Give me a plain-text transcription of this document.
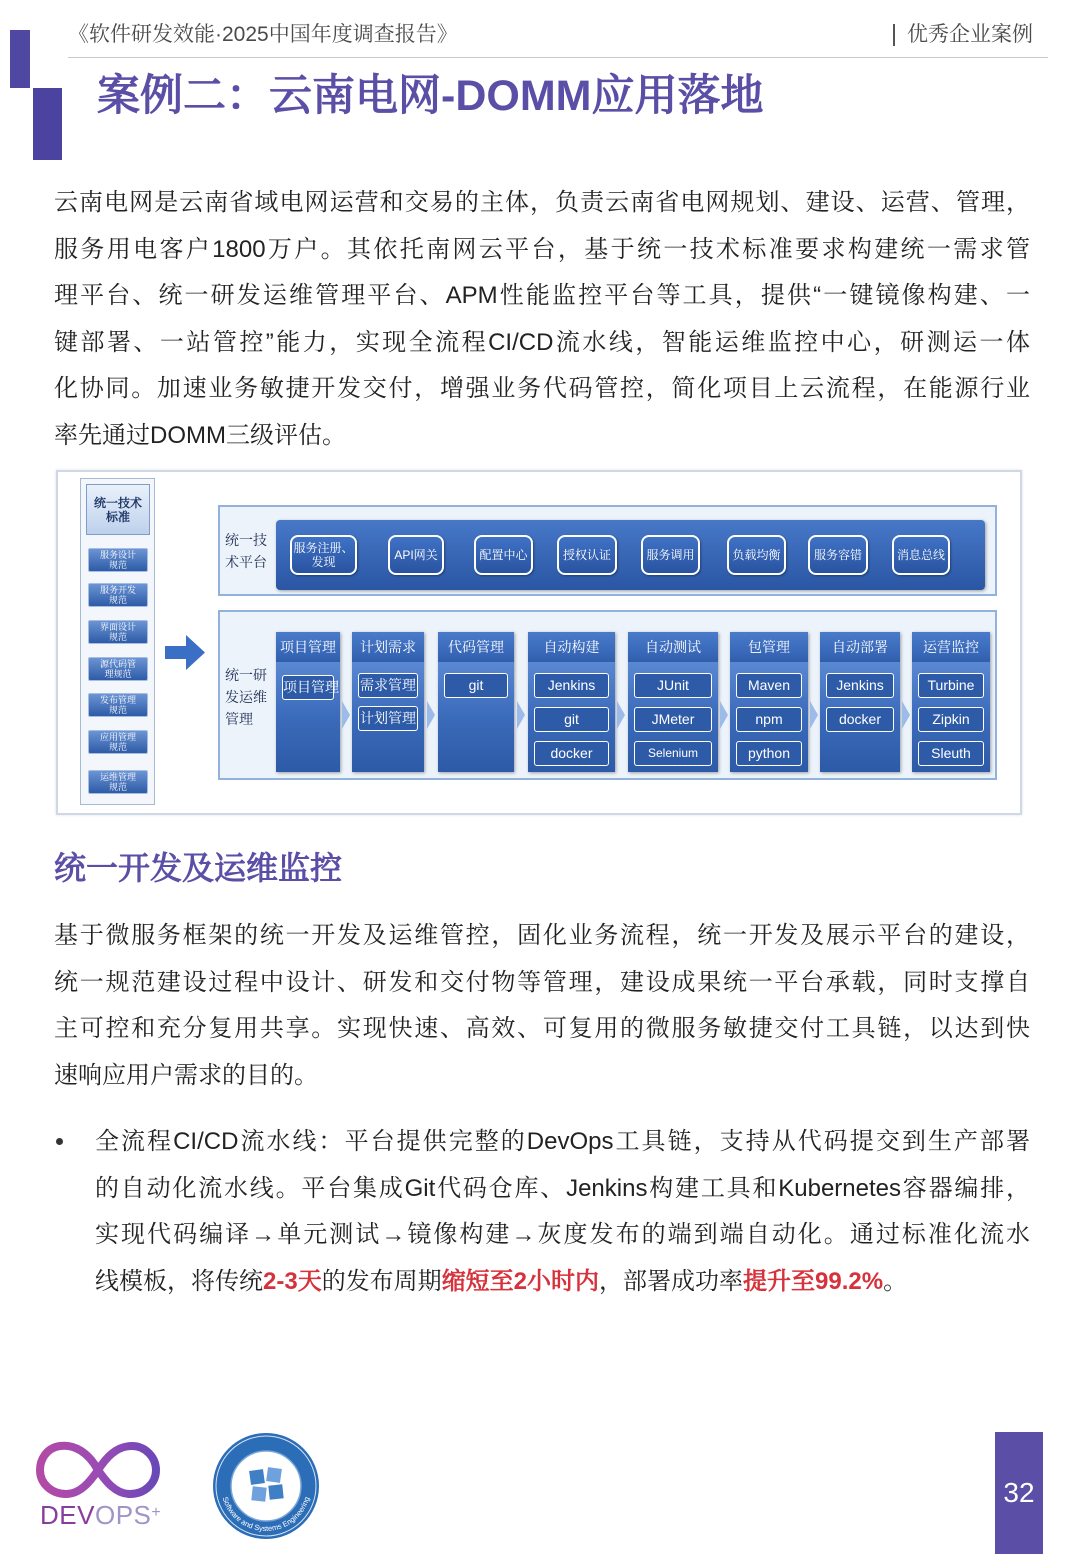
《软件研发效能·2025中国年度调查报告》	优秀企业案例
案例二：云南电网-DOMM应用落地
云南电网是云南省域电网运营和交易的主体，负责云南省电网规划、建设、运营、管理，
服务用电客户1800万户。其依托南网云平台，基于统一技术标准要求构建统一需求管
理平台、统一研发运维管理平台、APM性能监控平台等工具，提供“一键镜像构建、一
键部署、一站管控”能力，实现全流程CI/CD流水线，智能运维监控中心，研测运一体
化协同。加速业务敏捷开发交付，增强业务代码管控，简化项目上云流程，在能源行业
率先通过DOMM三级评估。
统一技术标准
服务设计规范
服务开发规范
界面设计规范
源代码管理规范
发布管理规范
应用管理规范
运维管理规范
统一技术平台
服务注册、发现	API网关	配置中心	授权认证	服务调用	负载均衡	服务容错	消息总线
统一研发运维管理
项目管理
项目管理
计划需求
需求管理
计划管理
代码管理
git
自动构建
Jenkins
git
docker
自动测试
JUnit
JMeter
Selenium
包管理
Maven
npm
python
自动部署
Jenkins
docker
运营监控
Turbine
Zipkin
Sleuth
统一开发及运维监控
基于微服务框架的统一开发及运维管控，固化业务流程，统一开发及展示平台的建设，
统一规范建设过程中设计、研发和交付物等管理，建设成果统一平台承载，同时支撑自
主可控和充分复用共享。实现快速、高效、可复用的微服务敏捷交付工具链，以达到快
速响应用户需求的目的。
全流程CI/CD流水线：平台提供完整的DevOps工具链，支持从代码提交到生产部署
的自动化流水线。平台集成Git代码仓库、Jenkins构建工具和Kubernetes容器编排，
实现代码编译→单元测试→镜像构建→灰度发布的端到端自动化。通过标准化流水
线模板，将传统2-3天的发布周期缩短至2小时内，部署成功率提升至99.2%。
DEVOPS+
Software and Systems Engineering	32
